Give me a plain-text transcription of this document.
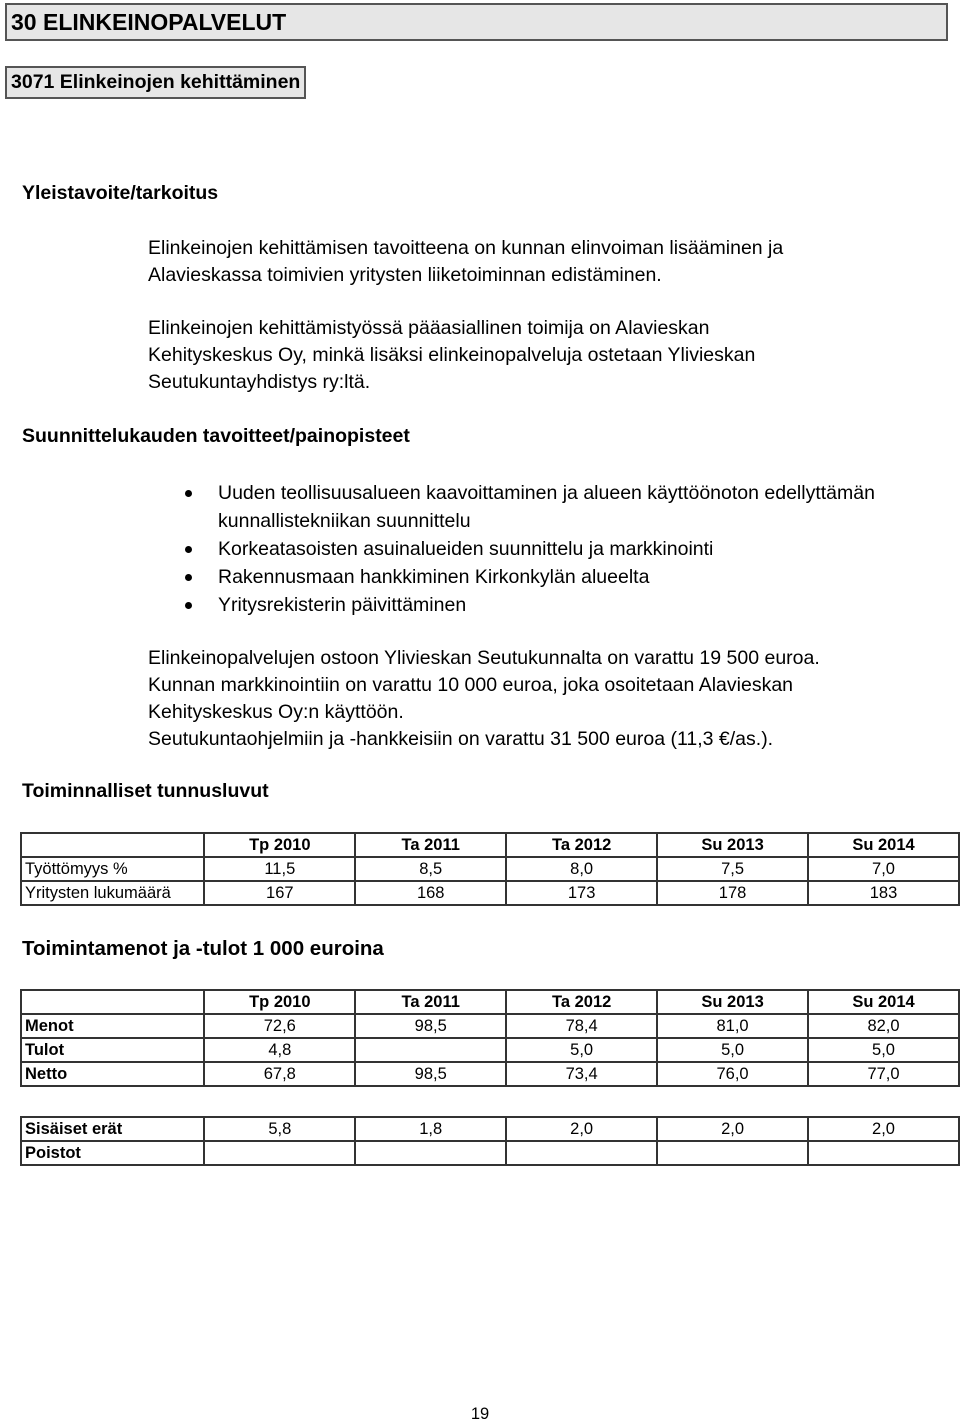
30 ELINKEINOPALVELUT
3071 Elinkeinojen kehittäminen
Yleistavoite/tarkoitus

Elinkeinojen kehittämisen tavoitteena on kunnan elinvoiman lisääminen ja

Alavieskassa toimivien yritysten liiketoiminnan edistäminen.

Elinkeinojen kehittämistyössä pääasiallinen toimija on Alavieskan

Kehityskeskus Oy, minkä lisäksi elinkeinopalveluja ostetaan Ylivieskan

Seutukuntayhdistys ry:ltä.

Suunnittelukauden tavoitteet/painopisteet
Uuden teollisuusalueen kaavoittaminen ja alueen käyttöönoton edellyttämän kunnallistekniikan suunnittelu
Korkeatasoisten asuinalueiden suunnittelu ja markkinointi
Rakennusmaan hankkiminen Kirkonkylän alueelta
Yritysrekisterin päivittäminen

Elinkeinopalvelujen ostoon Ylivieskan Seutukunnalta on varattu 19 500 euroa.

Kunnan markkinointiin on varattu 10 000 euroa, joka osoitetaan Alavieskan

Kehityskeskus Oy:n käyttöön.

Seutukuntaohjelmiin ja -hankkeisiin on varattu 31 500 euroa (11,3 €/as.).

Toiminnalliset tunnusluvut
	Tp 2010	Ta 2011	Ta 2012	Su 2013	Su 2014
Työttömyys %	11,5	8,5	8,0	7,5	7,0
Yritysten lukumäärä	167	168	173	178	183
Toimintamenot ja -tulot 1 000 euroina
	Tp 2010	Ta 2011	Ta 2012	Su 2013	Su 2014
Menot	72,6	98,5	78,4	81,0	82,0
Tulot	4,8		5,0	5,0	5,0
Netto	67,8	98,5	73,4	76,0	77,0
Sisäiset erät	5,8	1,8	2,0	2,0	2,0
Poistot					
19
